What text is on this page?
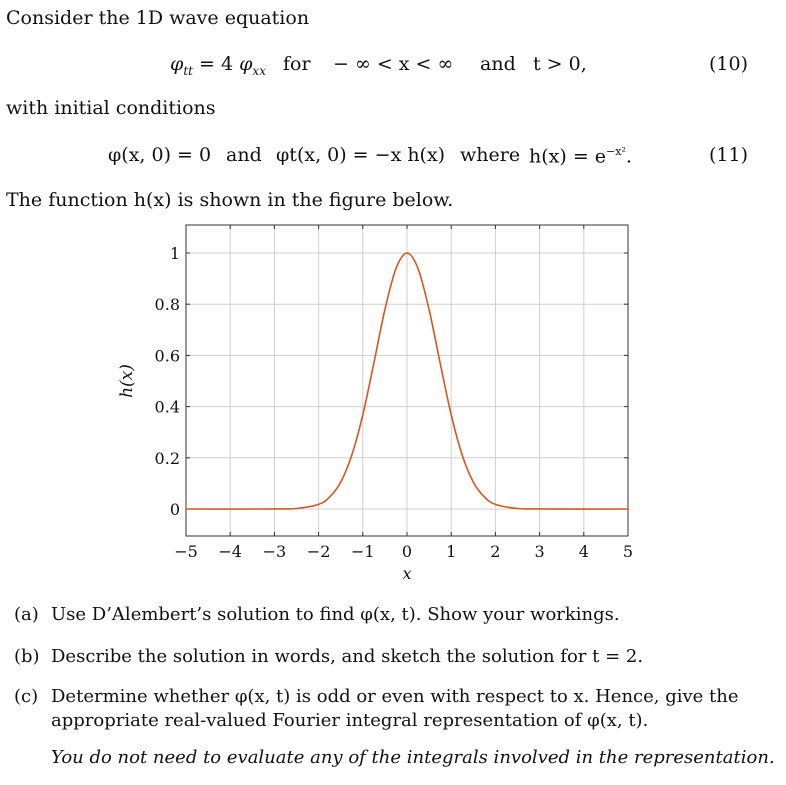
Consider the 1D wave equation
$\varphi_{tt} = 4$ $\varphi_{xx}$ for − ∞ < x < ∞ and t > 0,	(10)
with initial conditions
φ(x, 0) = 0 and φt(x, 0) = −x h(x) where $h(x) = e^{-x^2}$.	(11)
The function h(x) is shown in the figure below.
−5 −4 −3 −2 −1 0 1 2 3 4 5
0
0.2
0.4
0.6
0.8
1
x
h(x)
(a) Use D’Alembert’s solution to find φ(x, t). Show your workings.
(b) Describe the solution in words, and sketch the solution for t = 2.
(c) Determine whether φ(x, t) is odd or even with respect to x. Hence, give the
appropriate real-valued Fourier integral representation of φ(x, t).
You do not need to evaluate any of the integrals involved in the representation.
